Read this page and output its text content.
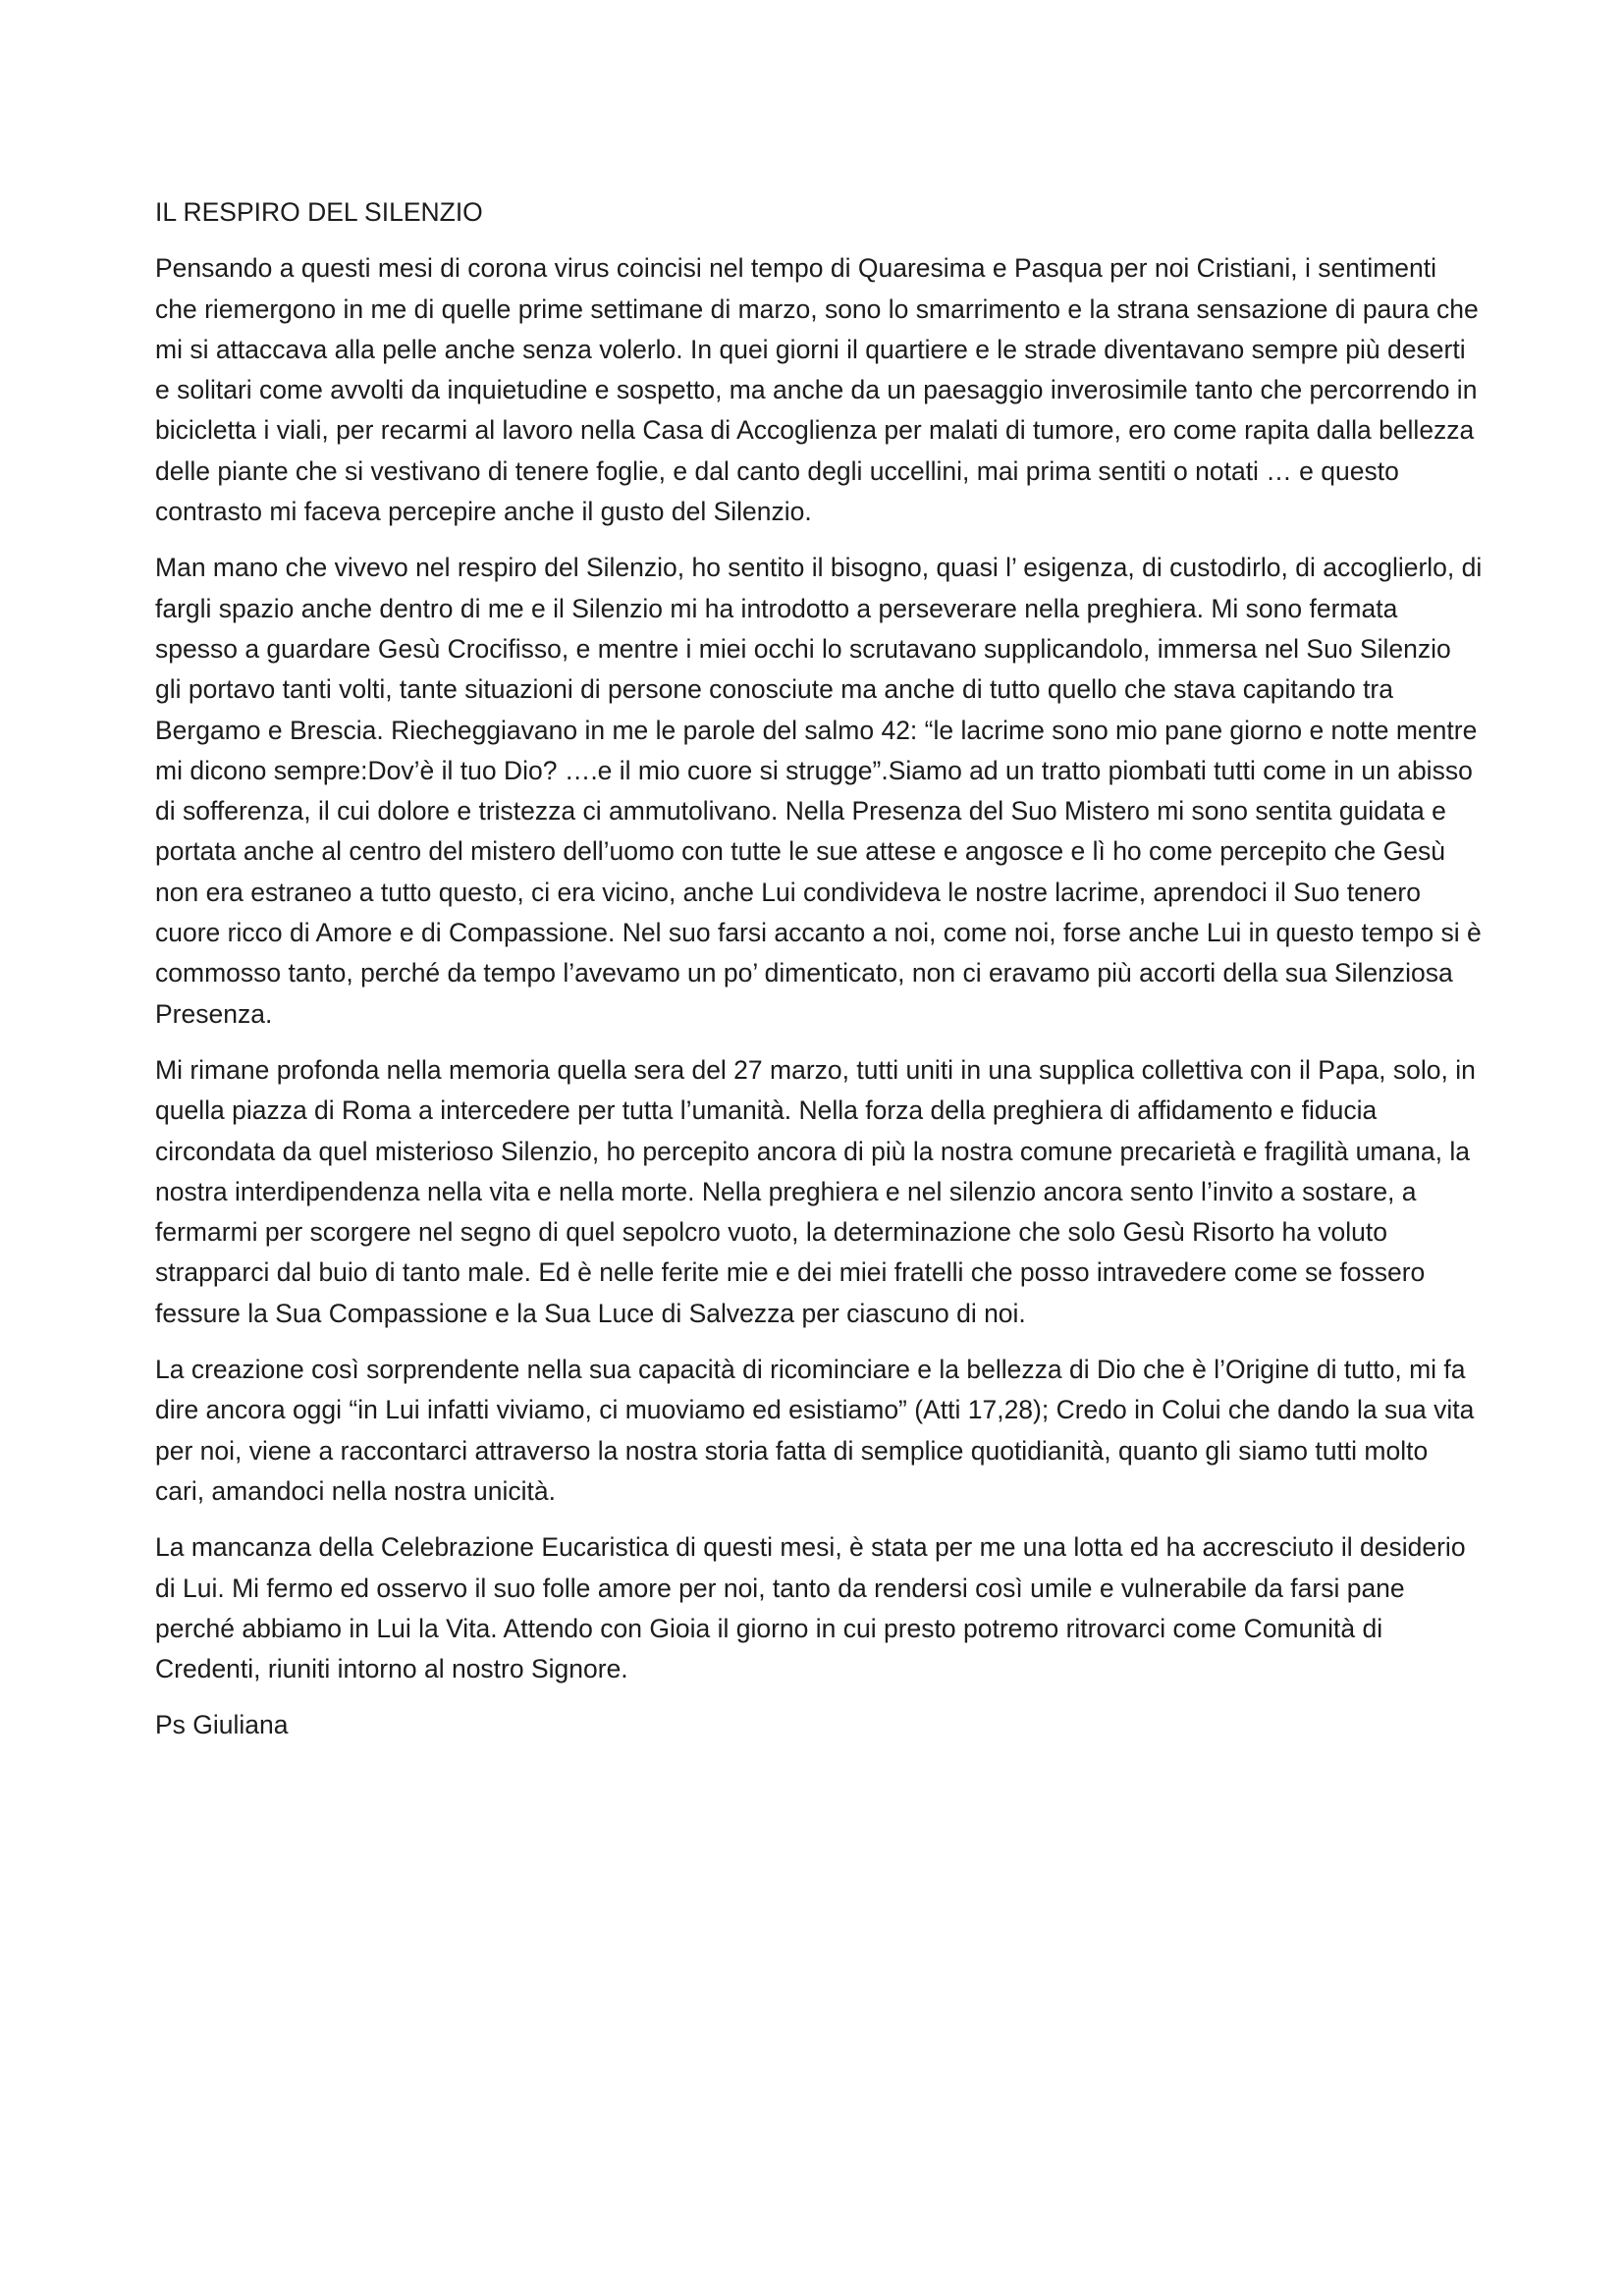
IL RESPIRO DEL SILENZIO

Pensando a questi mesi di corona virus coincisi nel tempo di Quaresima e Pasqua per noi Cristiani, i sentimenti che riemergono in me di quelle prime settimane di marzo, sono lo smarrimento e la strana sensazione di paura che mi si attaccava alla pelle anche senza volerlo. In quei giorni il quartiere e le strade diventavano sempre più deserti e solitari come avvolti da inquietudine e sospetto, ma anche da un paesaggio inverosimile tanto che percorrendo in bicicletta i viali, per recarmi al lavoro nella Casa di Accoglienza per malati di tumore, ero come rapita dalla bellezza delle piante che si vestivano di tenere foglie, e dal canto degli uccellini, mai prima sentiti o notati … e questo contrasto mi faceva percepire anche il gusto del Silenzio.

Man mano che vivevo nel respiro del Silenzio, ho sentito il bisogno, quasi l’ esigenza, di custodirlo, di accoglierlo, di fargli spazio anche dentro di me e il Silenzio mi ha introdotto a perseverare nella preghiera. Mi sono fermata spesso a guardare Gesù Crocifisso, e mentre i miei occhi lo scrutavano supplicandolo, immersa nel Suo Silenzio gli portavo tanti volti, tante situazioni di persone conosciute ma anche di tutto quello che stava capitando tra Bergamo e Brescia. Riecheggiavano in me le parole del salmo 42: “le lacrime sono mio pane giorno e notte mentre mi dicono sempre:Dov’è il tuo Dio? ….e il mio cuore si strugge”.Siamo ad un tratto piombati tutti come in un abisso di sofferenza, il cui dolore e tristezza ci ammutolivano. Nella Presenza del Suo Mistero mi sono sentita guidata e portata anche al centro del mistero dell’uomo con tutte le sue attese e angosce e lì ho come percepito che Gesù non era estraneo a tutto questo, ci era vicino, anche Lui condivideva le nostre lacrime, aprendoci il Suo tenero cuore ricco di Amore e di Compassione. Nel suo farsi accanto a noi, come noi, forse anche Lui in questo tempo si è commosso tanto, perché da tempo l’avevamo un po’ dimenticato, non ci eravamo più accorti della sua Silenziosa Presenza.

Mi rimane profonda nella memoria quella sera del 27 marzo, tutti uniti in una supplica collettiva con il Papa, solo, in quella piazza di Roma a intercedere per tutta l’umanità. Nella forza della preghiera di affidamento e fiducia circondata da quel misterioso Silenzio, ho percepito ancora di più la nostra comune precarietà e fragilità umana, la nostra interdipendenza nella vita e nella morte. Nella preghiera e nel silenzio ancora sento l’invito a sostare, a fermarmi per scorgere nel segno di quel sepolcro vuoto, la determinazione che solo Gesù Risorto ha voluto strapparci dal buio di tanto male. Ed è nelle ferite mie e dei miei fratelli che posso intravedere come se fossero fessure la Sua Compassione e la Sua Luce di Salvezza per ciascuno di noi.

La creazione così sorprendente nella sua capacità di ricominciare e la bellezza di Dio che è l’Origine di tutto, mi fa dire ancora oggi “in Lui infatti viviamo, ci muoviamo ed esistiamo” (Atti 17,28); Credo in Colui che dando la sua vita per noi, viene a raccontarci attraverso la nostra storia fatta di semplice quotidianità, quanto gli siamo tutti molto cari, amandoci nella nostra unicità.

La mancanza della Celebrazione Eucaristica di questi mesi, è stata per me una lotta ed ha accresciuto il desiderio di Lui. Mi fermo ed osservo il suo folle amore per noi, tanto da rendersi così umile e vulnerabile da farsi pane perché abbiamo in Lui la Vita. Attendo con Gioia il giorno in cui presto potremo ritrovarci come Comunità di Credenti, riuniti intorno al nostro Signore.

Ps Giuliana
